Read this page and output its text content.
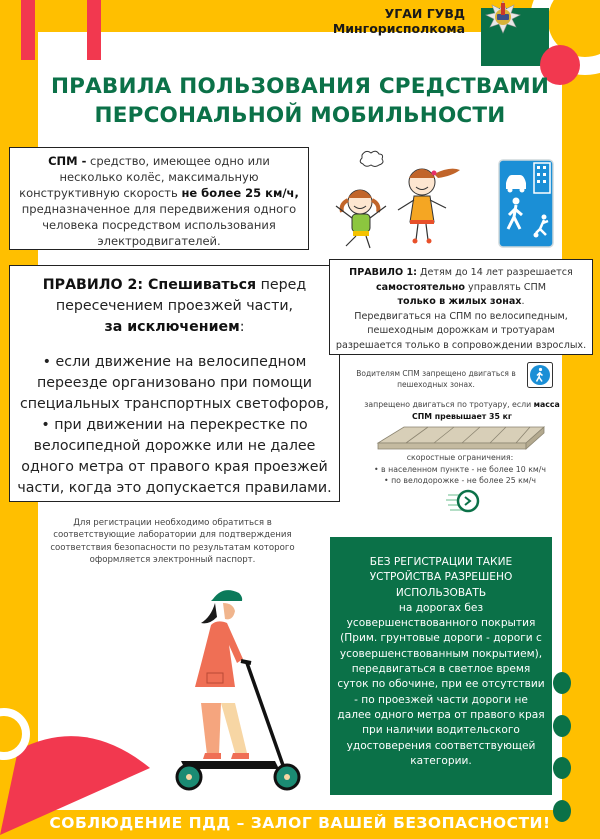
УГАИ ГУВД Мингорисполкома
ПРАВИЛА ПОЛЬЗОВАНИЯ СРЕДСТВАМИ
ПЕРСОНАЛЬНОЙ МОБИЛЬНОСТИ
СПМ - средство, имеющее одно или несколько колёс, максимальную конструктивную скорость не более 25 км/ч, предназначенное для передвижения одного человека посредством использования электродвигателей.
ПРАВИЛО 2: Спешиваться перед пересечением проезжей части,
за исключением:
• если движение на велосипедном переезде организовано при помощи специальных транспортных светофоров,
• при движении на перекрестке по велосипедной дорожке или не далее одного метра от правого края проезжей части, когда это допускается правилами.
ПРАВИЛО 1: Детям до 14 лет разрешается
самостоятельно управлять СПМ
только в жилых зонах.
Передвигаться на СПМ по велосипедным, пешеходным дорожкам и тротуарам разрешается только в сопровождении взрослых.
Водителям СПМ запрещено двигаться в пешеходных зонах.
запрещено двигаться по тротуару, если масса
СПМ превышает 35 кг
скоростные ограничения:
• в населенном пункте - не более 10 км/ч
• по велодорожке - не более 25 км/ч
Для регистрации необходимо обратиться в соответствующие лаборатории для подтверждения соответствия безопасности по результатам которого оформляется электронный паспорт.	БЕЗ РЕГИСТРАЦИИ ТАКИЕ УСТРОЙСТВА РАЗРЕШЕНО ИСПОЛЬЗОВАТЬ
на дорогах без усовершенствованного покрытия (Прим. грунтовые дороги - дороги с усовершенствованным покрытием), передвигаться в светлое время суток по обочине, при ее отсутствии - по проезжей части дороги не далее одного метра от правого края при наличии водительского удостоверения соответствующей категории.
СОБЛЮДЕНИЕ ПДД – ЗАЛОГ ВАШЕЙ БЕЗОПАСНОСТИ!
